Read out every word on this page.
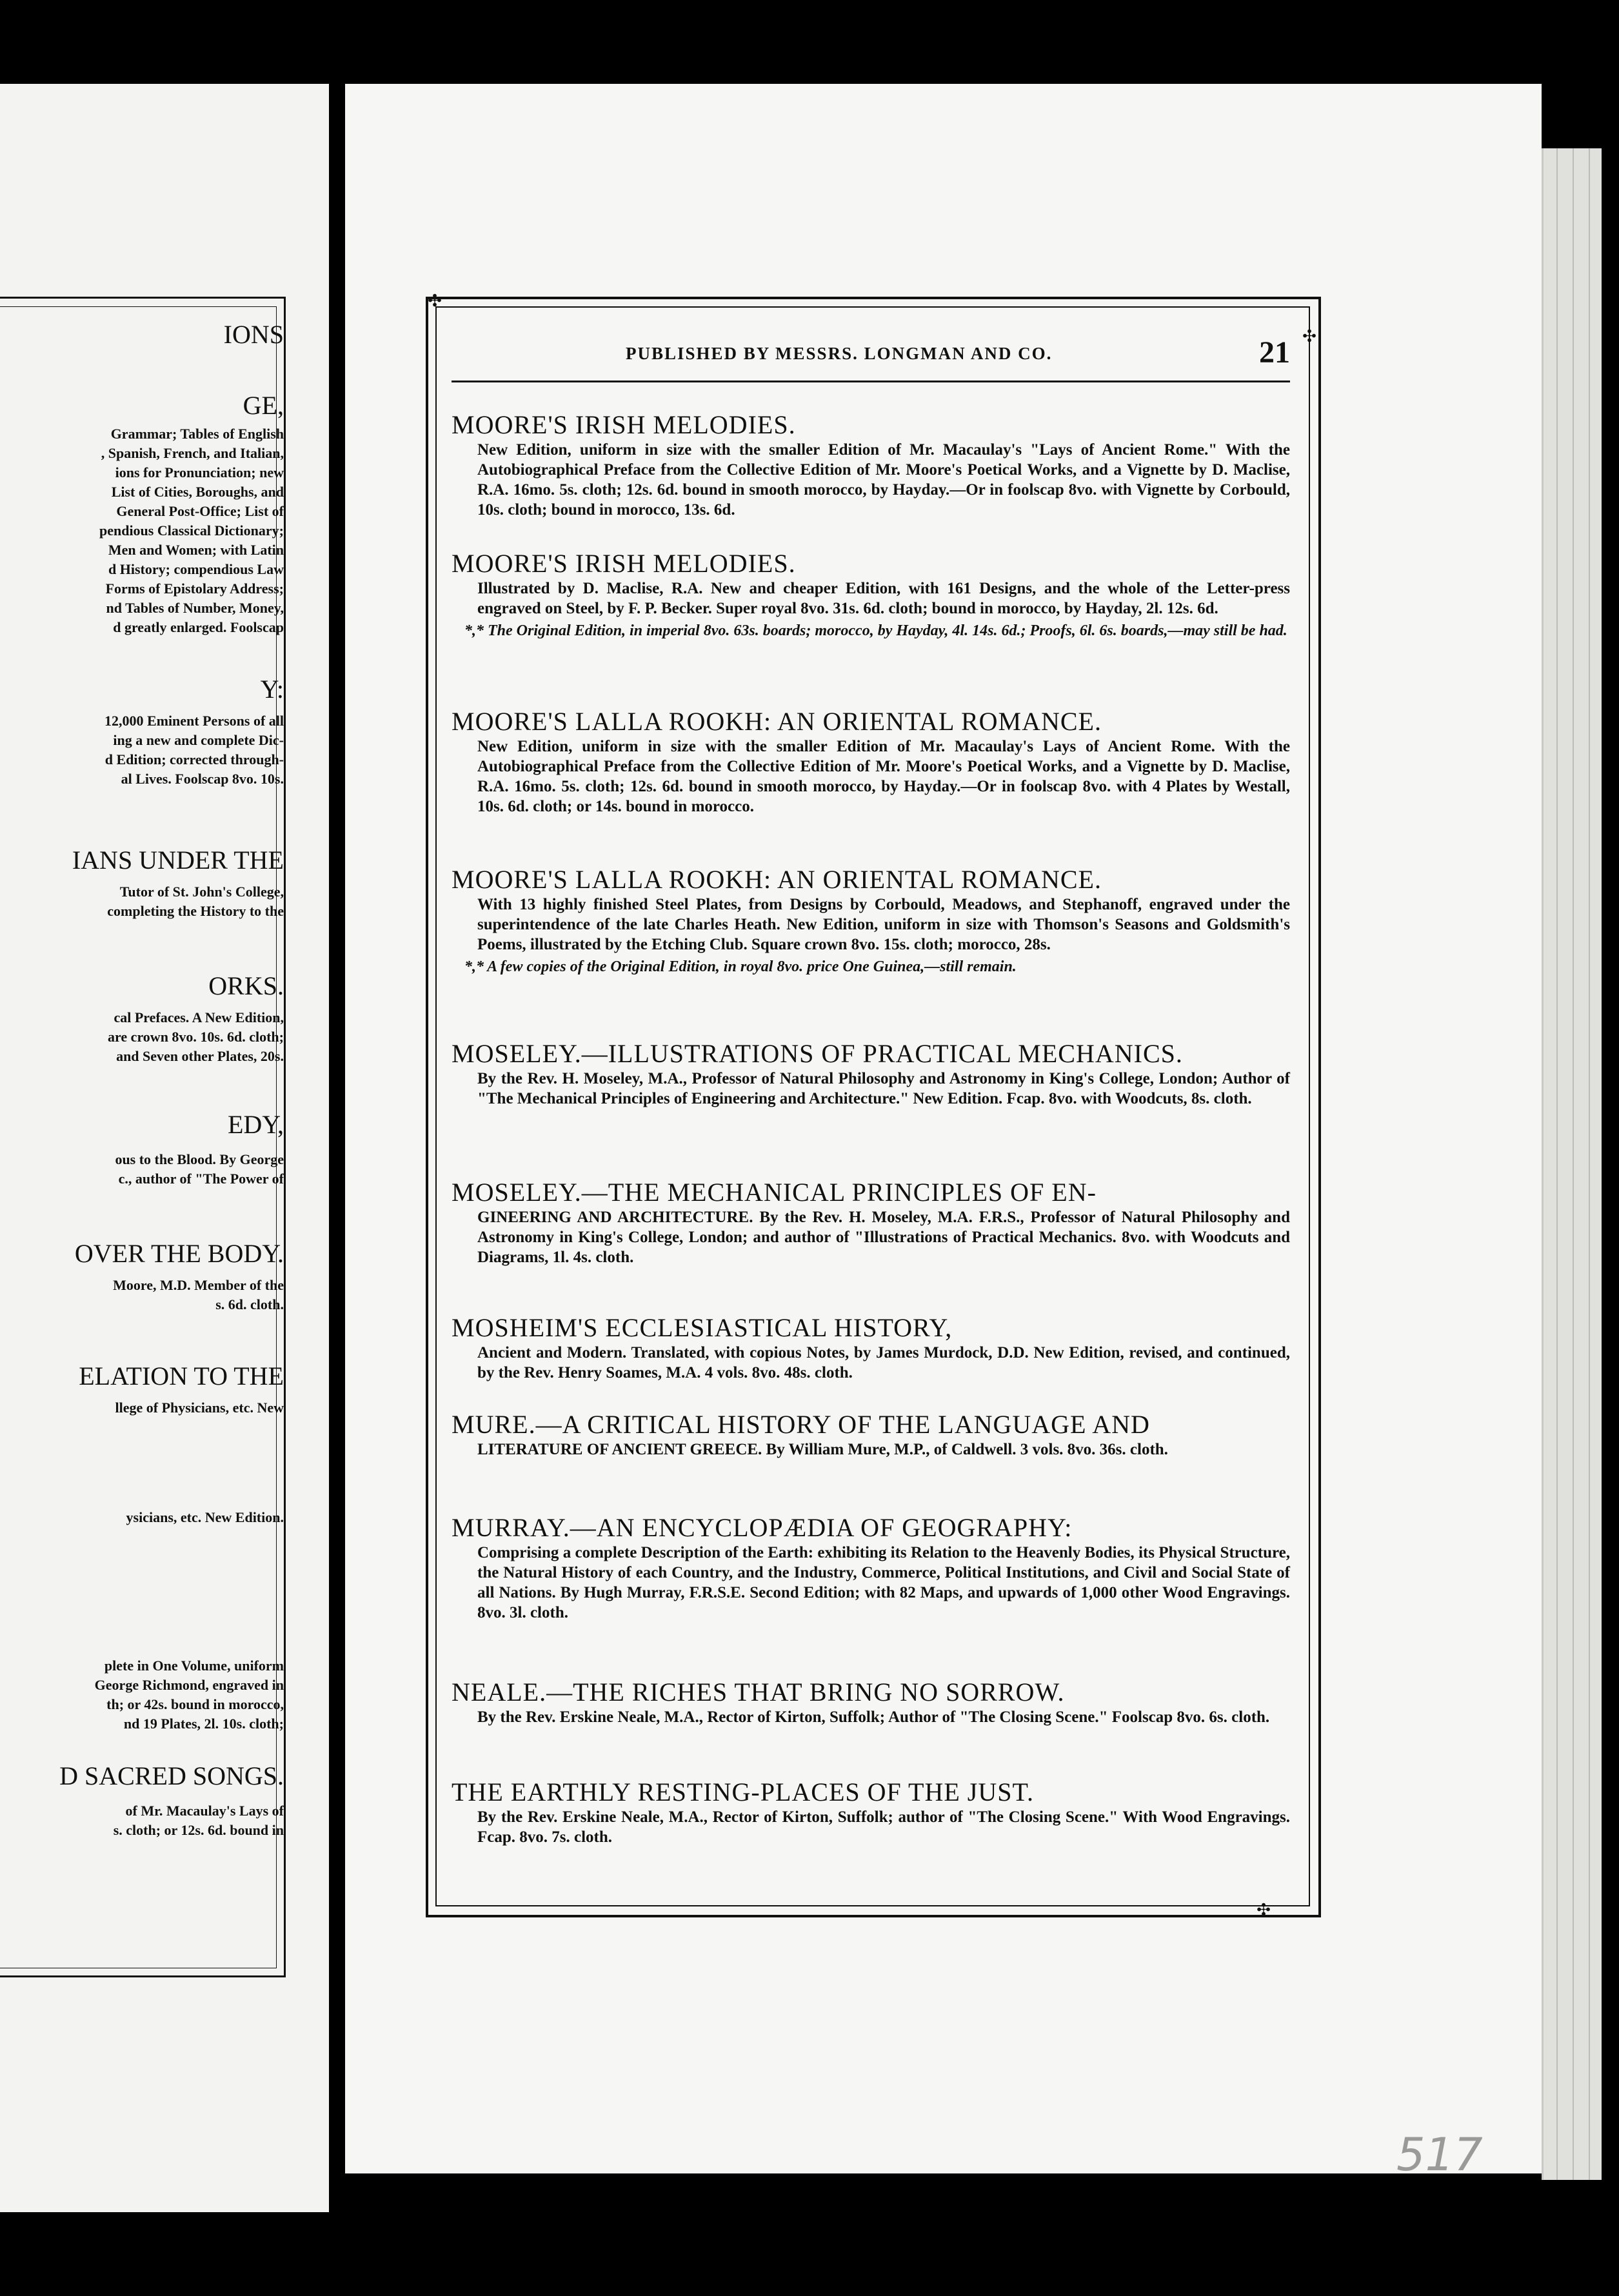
IONS
GE,
Grammar; Tables of English
, Spanish, French, and Italian,
ions for Pronunciation; new
List of Cities, Boroughs, and
General Post-Office; List of
pendious Classical Dictionary;
Men and Women; with Latin
d History; compendious Law
Forms of Epistolary Address;
nd Tables of Number, Money,
d greatly enlarged. Foolscap
Y:
12,000 Eminent Persons of all
ing a new and complete Dic-
d Edition; corrected through-
al Lives. Foolscap 8vo. 10s.
IANS UNDER THE
Tutor of St. John's College,
completing the History to the
ORKS.
cal Prefaces. A New Edition,
are crown 8vo. 10s. 6d. cloth;
and Seven other Plates, 20s.
EDY,
ous to the Blood. By George
c., author of "The Power of
OVER THE BODY.
Moore, M.D. Member of the
s. 6d. cloth.
ELATION TO THE
llege of Physicians, etc. New
ysicians, etc. New Edition.
plete in One Volume, uniform
George Richmond, engraved in
th; or 42s. bound in morocco,
nd 19 Plates, 2l. 10s. cloth;
D SACRED SONGS.
of Mr. Macaulay's Lays of
s. cloth; or 12s. 6d. bound in
✣
✣
✣
PUBLISHED BY MESSRS. LONGMAN AND CO.	21
MOORE'S IRISH MELODIES.
New Edition, uniform in size with the smaller Edition of Mr. Macaulay's "Lays of Ancient Rome." With the Autobiographical Preface from the Collective Edition of Mr. Moore's Poetical Works, and a Vignette by D. Maclise, R.A. 16mo. 5s. cloth; 12s. 6d. bound in smooth morocco, by Hayday.—Or in foolscap 8vo. with Vignette by Corbould, 10s. cloth; bound in morocco, 13s. 6d.
MOORE'S IRISH MELODIES.
Illustrated by D. Maclise, R.A. New and cheaper Edition, with 161 Designs, and the whole of the Letter-press engraved on Steel, by F. P. Becker. Super royal 8vo. 31s. 6d. cloth; bound in morocco, by Hayday, 2l. 12s. 6d.
*,* The Original Edition, in imperial 8vo. 63s. boards; morocco, by Hayday, 4l. 14s. 6d.; Proofs, 6l. 6s. boards,—may still be had.
MOORE'S LALLA ROOKH: AN ORIENTAL ROMANCE.
New Edition, uniform in size with the smaller Edition of Mr. Macaulay's Lays of Ancient Rome. With the Autobiographical Preface from the Collective Edition of Mr. Moore's Poetical Works, and a Vignette by D. Maclise, R.A. 16mo. 5s. cloth; 12s. 6d. bound in smooth morocco, by Hayday.—Or in foolscap 8vo. with 4 Plates by Westall, 10s. 6d. cloth; or 14s. bound in morocco.
MOORE'S LALLA ROOKH: AN ORIENTAL ROMANCE.
With 13 highly finished Steel Plates, from Designs by Corbould, Meadows, and Stephanoff, engraved under the superintendence of the late Charles Heath. New Edition, uniform in size with Thomson's Seasons and Goldsmith's Poems, illustrated by the Etching Club. Square crown 8vo. 15s. cloth; morocco, 28s.
*,* A few copies of the Original Edition, in royal 8vo. price One Guinea,—still remain.
MOSELEY.—ILLUSTRATIONS OF PRACTICAL MECHANICS.
By the Rev. H. Moseley, M.A., Professor of Natural Philosophy and Astronomy in King's College, London; Author of "The Mechanical Principles of Engineering and Architecture." New Edition. Fcap. 8vo. with Woodcuts, 8s. cloth.
MOSELEY.—THE MECHANICAL PRINCIPLES OF EN-
GINEERING AND ARCHITECTURE. By the Rev. H. Moseley, M.A. F.R.S., Professor of Natural Philosophy and Astronomy in King's College, London; and author of "Illustrations of Practical Mechanics. 8vo. with Woodcuts and Diagrams, 1l. 4s. cloth.
MOSHEIM'S ECCLESIASTICAL HISTORY,
Ancient and Modern. Translated, with copious Notes, by James Murdock, D.D. New Edition, revised, and continued, by the Rev. Henry Soames, M.A. 4 vols. 8vo. 48s. cloth.
MURE.—A CRITICAL HISTORY OF THE LANGUAGE AND
LITERATURE OF ANCIENT GREECE. By William Mure, M.P., of Caldwell. 3 vols. 8vo. 36s. cloth.
MURRAY.—AN ENCYCLOPÆDIA OF GEOGRAPHY:
Comprising a complete Description of the Earth: exhibiting its Relation to the Heavenly Bodies, its Physical Structure, the Natural History of each Country, and the Industry, Commerce, Political Institutions, and Civil and Social State of all Nations. By Hugh Murray, F.R.S.E. Second Edition; with 82 Maps, and upwards of 1,000 other Wood Engravings. 8vo. 3l. cloth.
NEALE.—THE RICHES THAT BRING NO SORROW.
By the Rev. Erskine Neale, M.A., Rector of Kirton, Suffolk; Author of "The Closing Scene." Foolscap 8vo. 6s. cloth.
THE EARTHLY RESTING-PLACES OF THE JUST.
By the Rev. Erskine Neale, M.A., Rector of Kirton, Suffolk; author of "The Closing Scene." With Wood Engravings. Fcap. 8vo. 7s. cloth.
517
